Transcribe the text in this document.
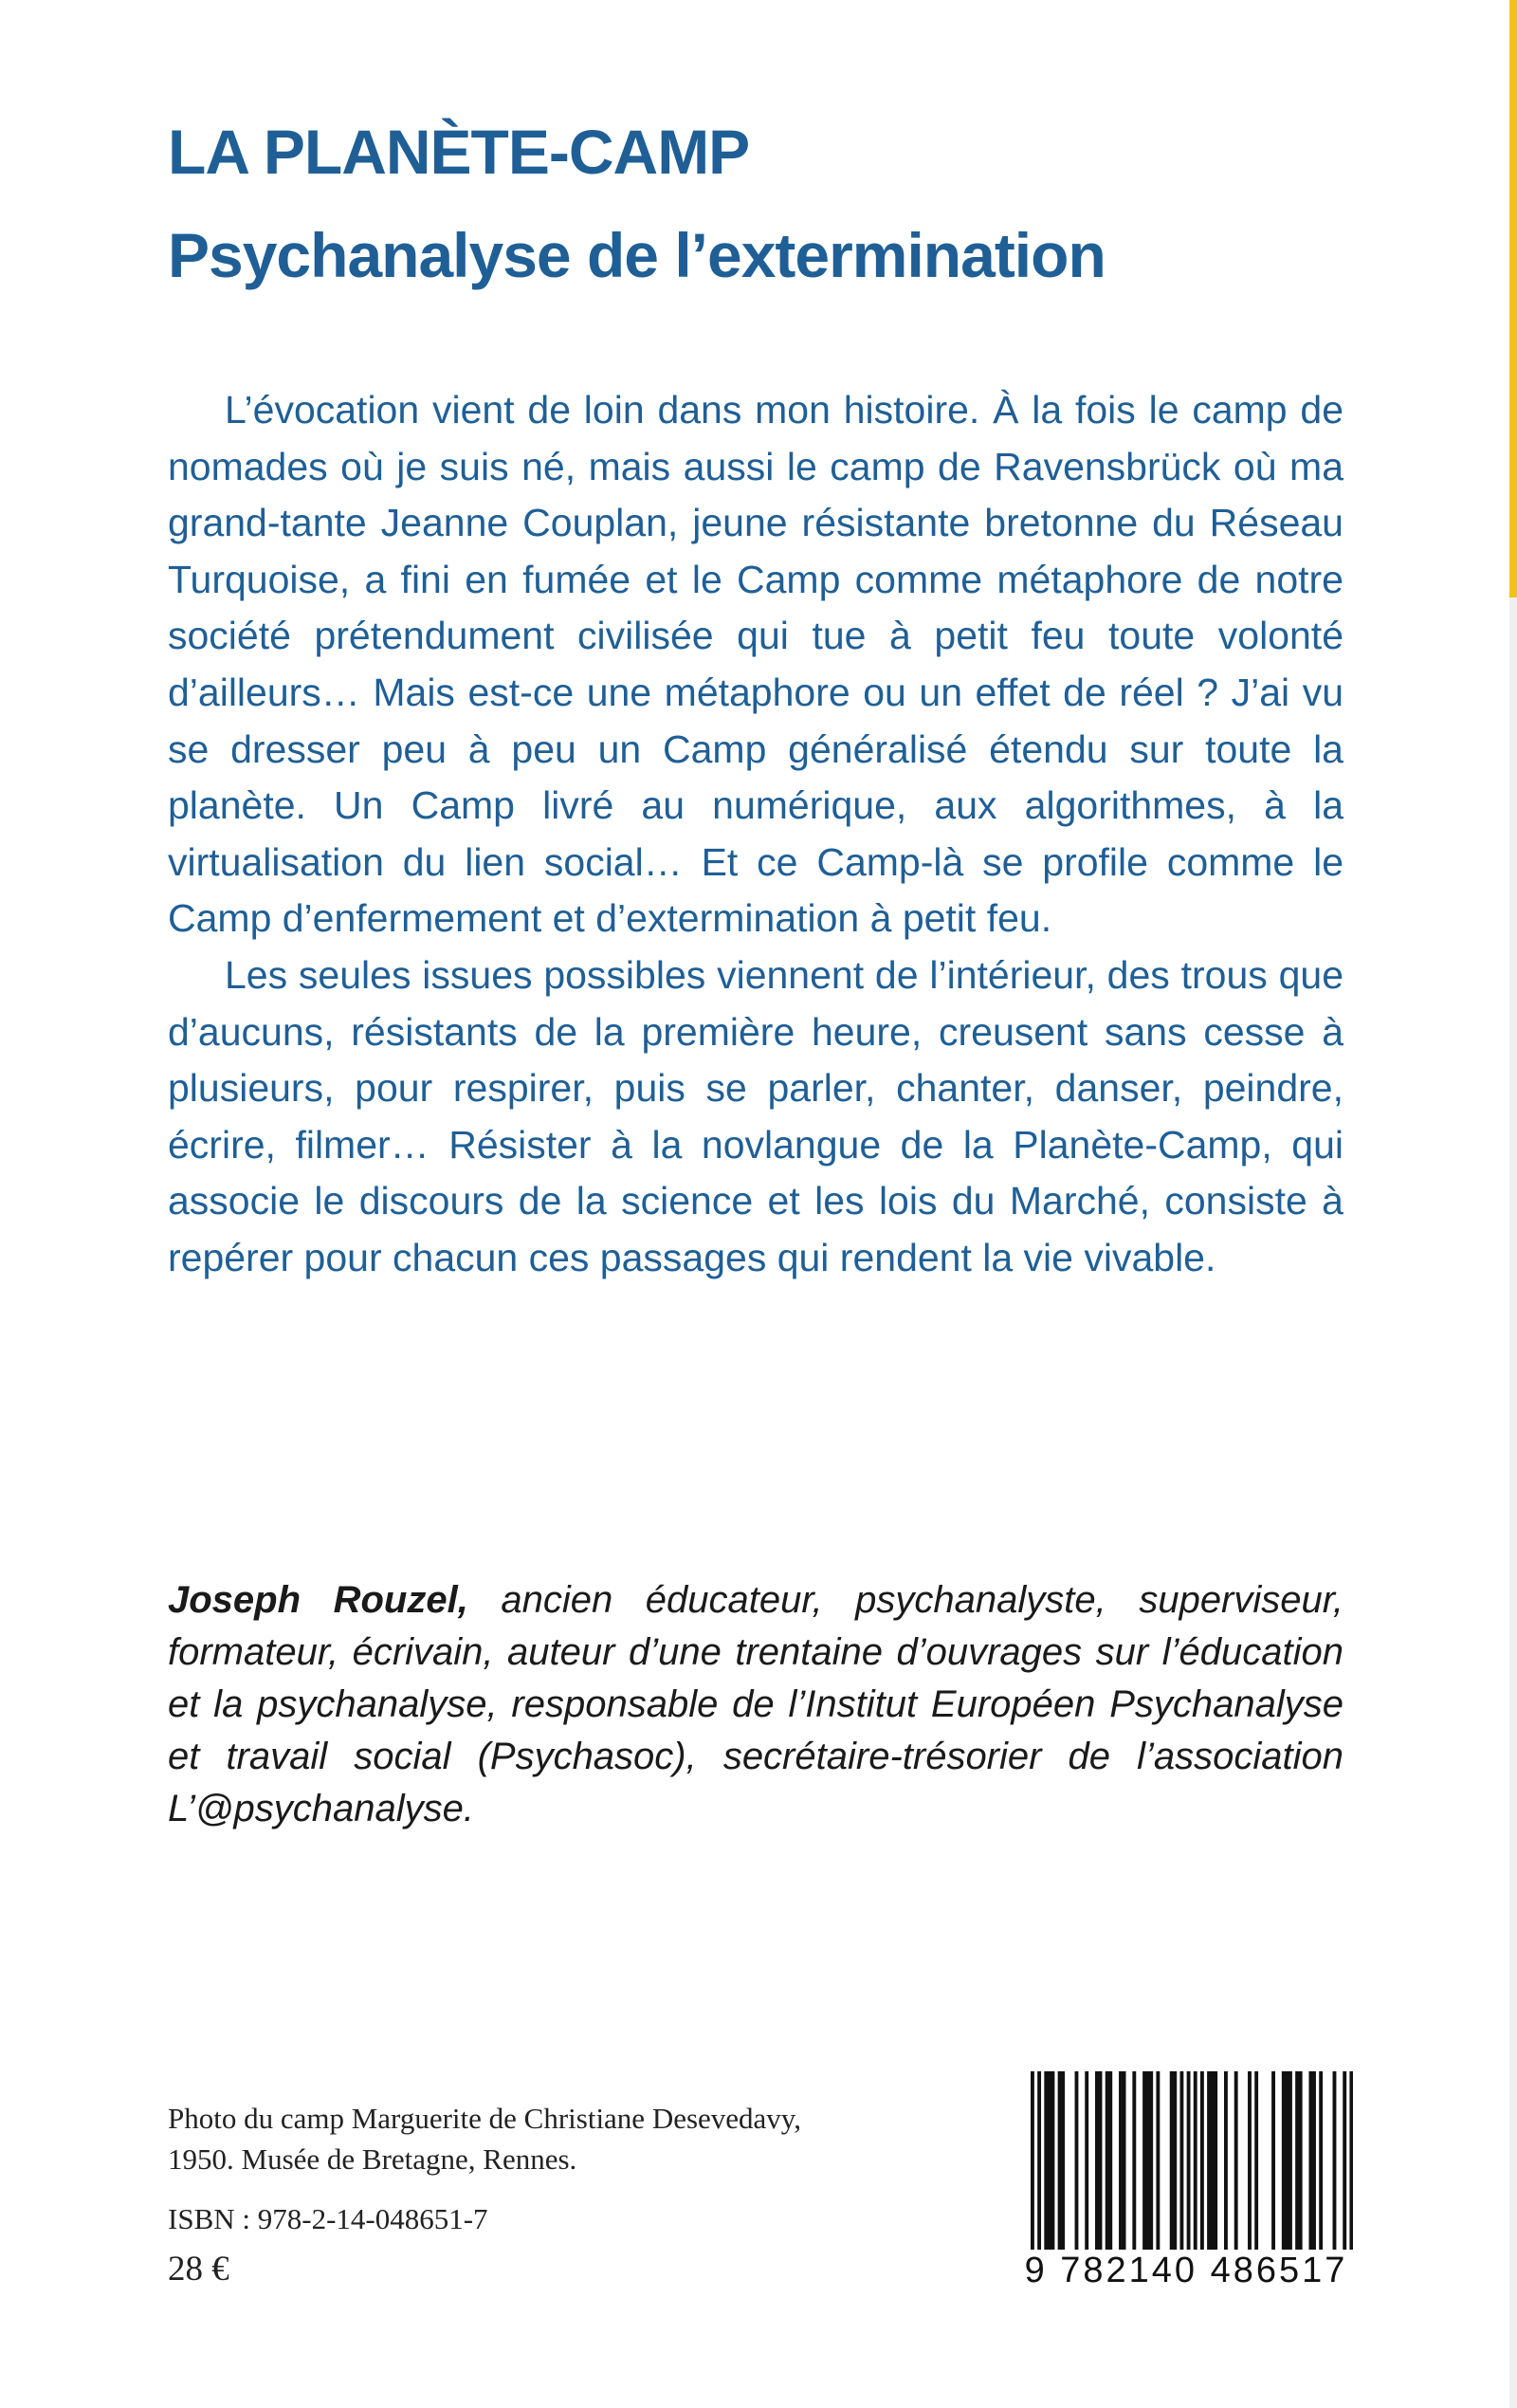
LA PLANÈTE-CAMP
Psychanalyse de l’extermination

L’évocation vient de loin dans mon histoire. À la fois le camp de nomades où je suis né, mais aussi le camp de Ravensbrück où ma grand-tante Jeanne Couplan, jeune résistante bretonne du Réseau Turquoise, a fini en fumée et le Camp comme métaphore de notre société prétendument civilisée qui tue à petit feu toute volonté d’ailleurs… Mais est-ce une métaphore ou un effet de réel ? J’ai vu se dresser peu à peu un Camp généralisé étendu sur toute la planète. Un Camp livré au numérique, aux algorithmes, à la virtualisation du lien social… Et ce Camp-là se profile comme le Camp d’enfermement et d’extermination à petit feu.

Les seules issues possibles viennent de l’intérieur, des trous que d’aucuns, résistants de la première heure, creusent sans cesse à plusieurs, pour respirer, puis se parler, chanter, danser, peindre, écrire, filmer… Résister à la novlangue de la Planète-Camp, qui associe le discours de la science et les lois du Marché, consiste à repérer pour chacun ces passages qui rendent la vie vivable.

Joseph Rouzel, ancien éducateur, psychanalyste, superviseur, formateur, écrivain, auteur d’une trentaine d’ouvrages sur l’éducation et la psychanalyse, responsable de l’Institut Européen Psychanalyse et travail social (Psychasoc), secrétaire-trésorier de l’association L’@psychanalyse.

Photo du camp Marguerite de Christiane Desevedavy, 1950. Musée de Bretagne, Rennes.

ISBN : 978-2-14-048651-7

28 €	9 782140 486517
